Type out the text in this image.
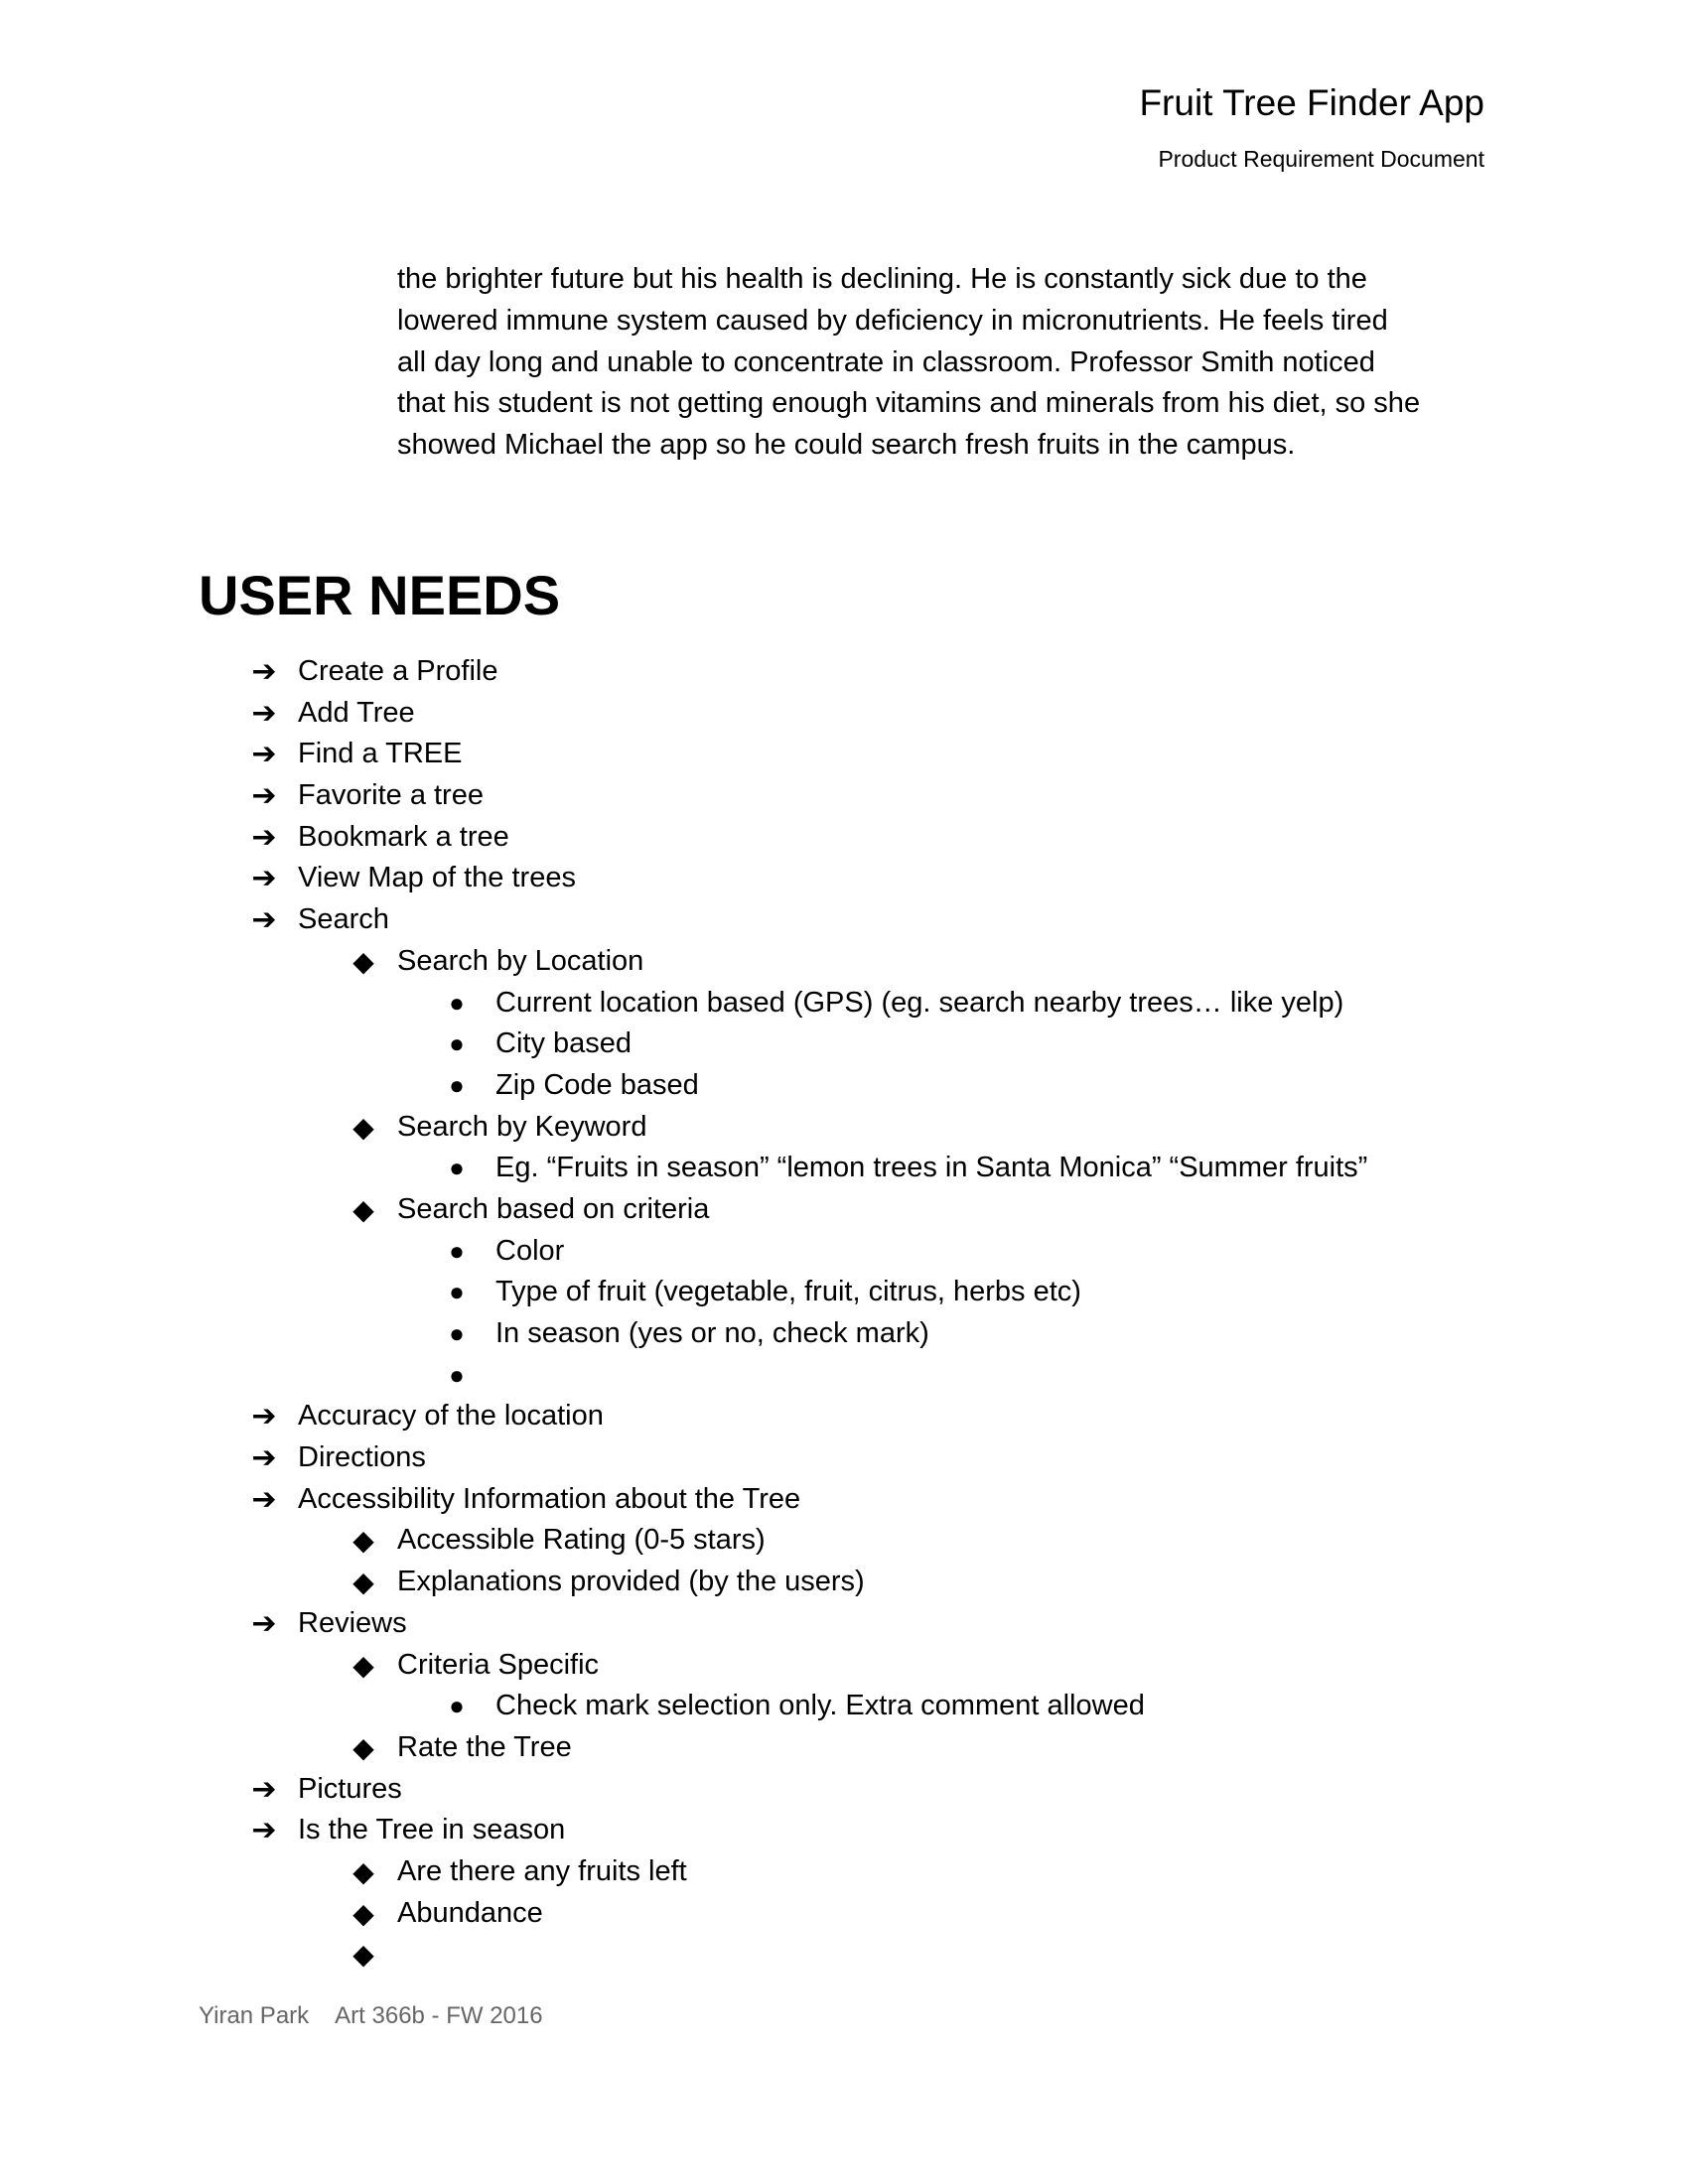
Fruit Tree Finder App
Product Requirement Document
the brighter future but his health is declining. He is constantly sick due to the
lowered immune system caused by deficiency in micronutrients. He feels tired
all day long and unable to concentrate in classroom. Professor Smith noticed
that his student is not getting enough vitamins and minerals from his diet, so she
showed Michael the app so he could search fresh fruits in the campus.
USER NEEDS
➔ Create a Profile
➔ Add Tree
➔ Find a TREE
➔ Favorite a tree
➔ Bookmark a tree
➔ View Map of the trees
➔ Search
◆ Search by Location
●	Current location based (GPS) (eg. search nearby trees… like yelp)
●	City based
●	Zip Code based
◆ Search by Keyword
●	Eg. “Fruits in season” “lemon trees in Santa Monica” “Summer fruits”
◆ Search based on criteria
●	Color
●	Type of fruit (vegetable, fruit, citrus, herbs etc)
●	In season (yes or no, check mark)
●
➔ Accuracy of the location
➔ Directions
➔ Accessibility Information about the Tree
◆ Accessible Rating (0-5 stars)
◆ Explanations provided (by the users)
➔ Reviews
◆ Criteria Specific
●	Check mark selection only. Extra comment allowed
◆ Rate the Tree
➔ Pictures
➔ Is the Tree in season
◆ Are there any fruits left
◆ Abundance
◆
Yiran Park Art 366b - FW 2016
